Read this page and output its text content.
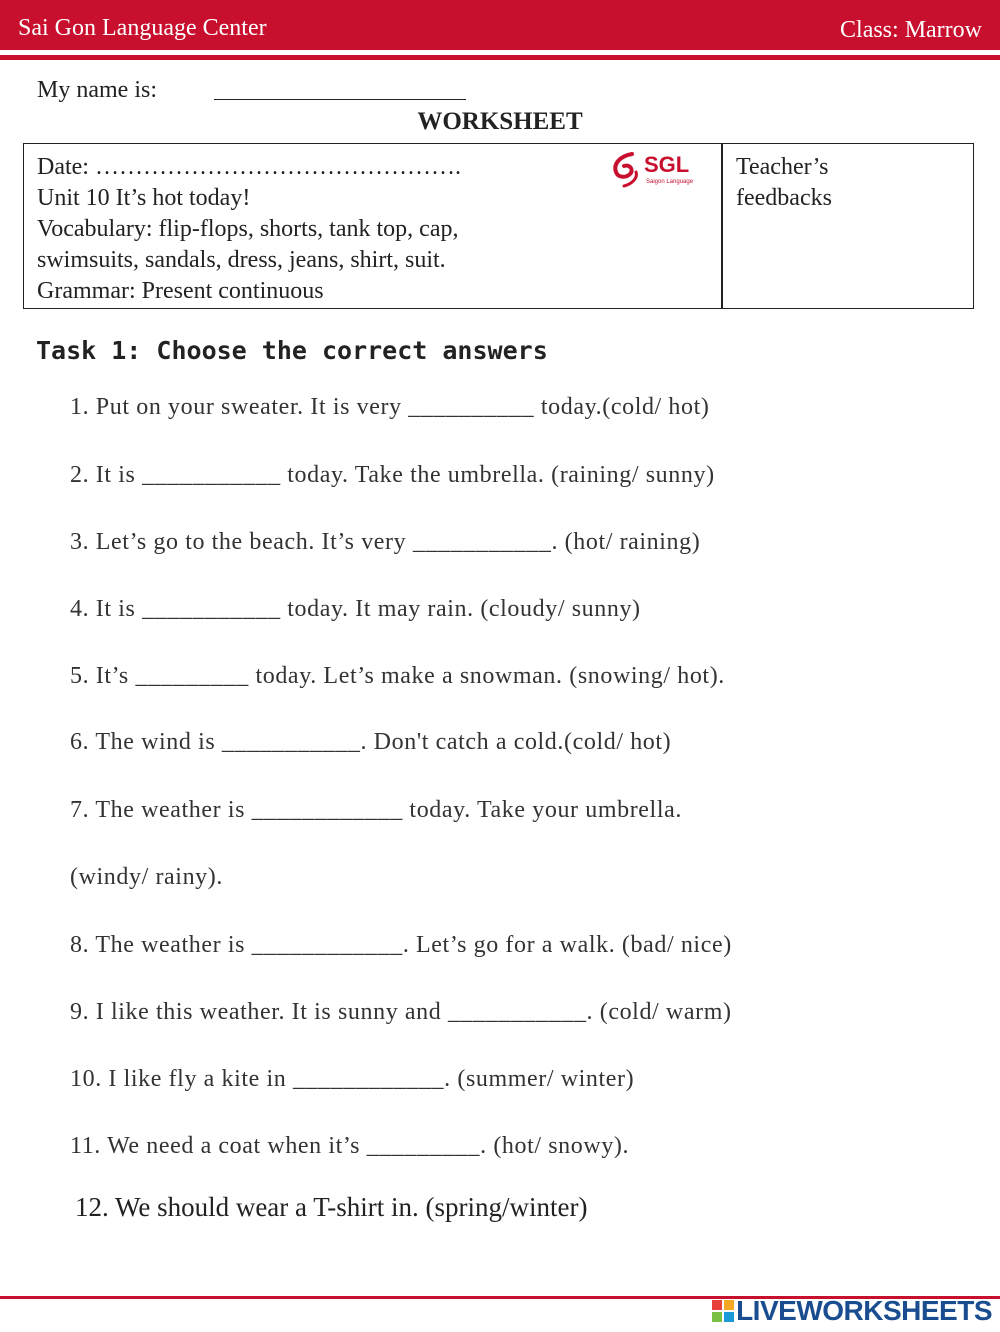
Sai Gon Language Center	Class: Marrow
My name is:
WORKSHEET
Date: ……………………………………….
Unit 10 It’s hot today!
Vocabulary: flip-flops, shorts, tank top, cap,
swimsuits, sandals, dress, jeans, shirt, suit.
Grammar: Present continuous
SGL
Saigon Language
Teacher’s
feedbacks
Task 1: Choose the correct answers
1. Put on your sweater. It is very __________ today.(cold/ hot)
2. It is ___________ today. Take the umbrella. (raining/ sunny)
3. Let’s go to the beach. It’s very ___________. (hot/ raining)
4. It is ___________ today. It may rain. (cloudy/ sunny)
5. It’s _________ today. Let’s make a snowman. (snowing/ hot).
6. The wind is ___________. Don't catch a cold.(cold/ hot)
7. The weather is ____________ today. Take your umbrella.
(windy/ rainy).
8. The weather is ____________. Let’s go for a walk. (bad/ nice)
9. I like this weather. It is sunny and ___________. (cold/ warm)
10. I like fly a kite in ____________. (summer/ winter)
11. We need a coat when it’s _________. (hot/ snowy).
12. We should wear a T-shirt in. (spring/winter)
LIVEWORKSHEETS
